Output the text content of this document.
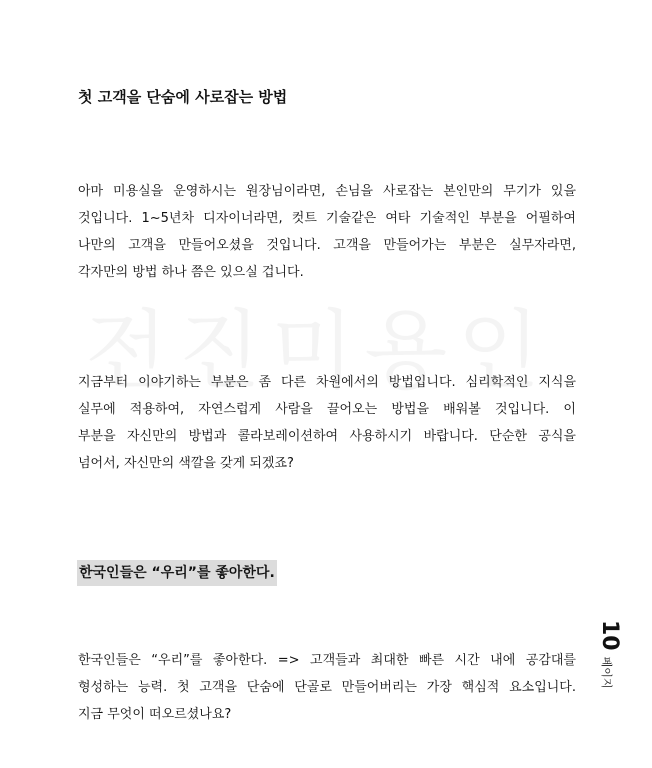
첫 고객을 단숨에 사로잡는 방법
아마 미용실을 운영하시는 원장님이라면, 손님을 사로잡는 본인만의 무기가 있을
것입니다. 1~5년차 디자이너라면, 컷트 기술같은 여타 기술적인 부분을 어필하여
나만의 고객을 만들어오셨을 것입니다. 고객을 만들어가는 부분은 실무자라면,
각자만의 방법 하나 쯤은 있으실 겁니다.
지금부터 이야기하는 부분은 좀 다른 차원에서의 방법입니다. 심리학적인 지식을
실무에 적용하여, 자연스럽게 사람을 끌어오는 방법을 배워볼 것입니다. 이
부분을 자신만의 방법과 콜라보레이션하여 사용하시기 바랍니다. 단순한 공식을
넘어서, 자신만의 색깔을 갖게 되겠죠?
한국인들은 “우리”를 좋아한다.
한국인들은 “우리”를 좋아한다. => 고객들과 최대한 빠른 시간 내에 공감대를
형성하는 능력. 첫 고객을 단숨에 단골로 만들어버리는 가장 핵심적 요소입니다.
지금 무엇이 떠오르셨나요?
10
페이지
